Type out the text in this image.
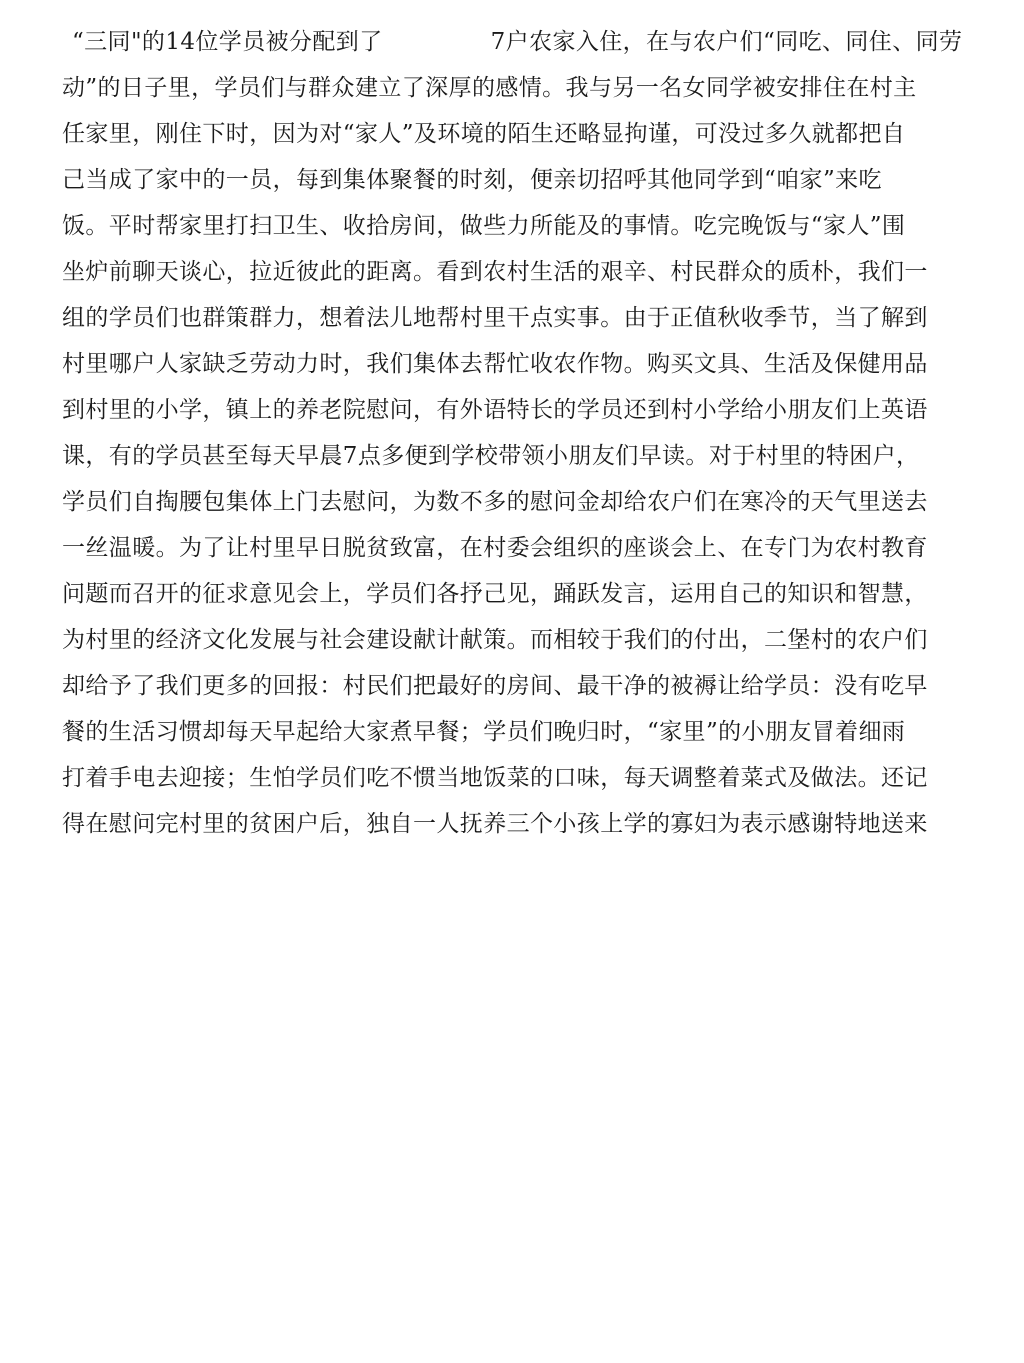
“三同"的14位学员被分配到了	7户农家入住，在与农户们“同吃、同住、同劳
动”的日子里，学员们与群众建立了深厚的感情。我与另一名女同学被安排住在村主
任家里，刚住下时，因为对“家人”及环境的陌生还略显拘谨，可没过多久就都把自
己当成了家中的一员，每到集体聚餐的时刻，便亲切招呼其他同学到“咱家”来吃
饭。平时帮家里打扫卫生、收拾房间，做些力所能及的事情。吃完晚饭与“家人”围
坐炉前聊天谈心，拉近彼此的距离。看到农村生活的艰辛、村民群众的质朴，我们一
组的学员们也群策群力，想着法儿地帮村里干点实事。由于正值秋收季节，当了解到
村里哪户人家缺乏劳动力时，我们集体去帮忙收农作物。购买文具、生活及保健用品
到村里的小学，镇上的养老院慰问，有外语特长的学员还到村小学给小朋友们上英语
课，有的学员甚至每天早晨7点多便到学校带领小朋友们早读。对于村里的特困户，
学员们自掏腰包集体上门去慰问，为数不多的慰问金却给农户们在寒冷的天气里送去
一丝温暖。为了让村里早日脱贫致富，在村委会组织的座谈会上、在专门为农村教育
问题而召开的征求意见会上，学员们各抒己见，踊跃发言，运用自己的知识和智慧，
为村里的经济文化发展与社会建设献计献策。而相较于我们的付出，二堡村的农户们
却给予了我们更多的回报：村民们把最好的房间、最干净的被褥让给学员：没有吃早
餐的生活习惯却每天早起给大家煮早餐；学员们晚归时，“家里”的小朋友冒着细雨
打着手电去迎接；生怕学员们吃不惯当地饭菜的口味，每天调整着菜式及做法。还记
得在慰问完村里的贫困户后，独自一人抚养三个小孩上学的寡妇为表示感谢特地送来
